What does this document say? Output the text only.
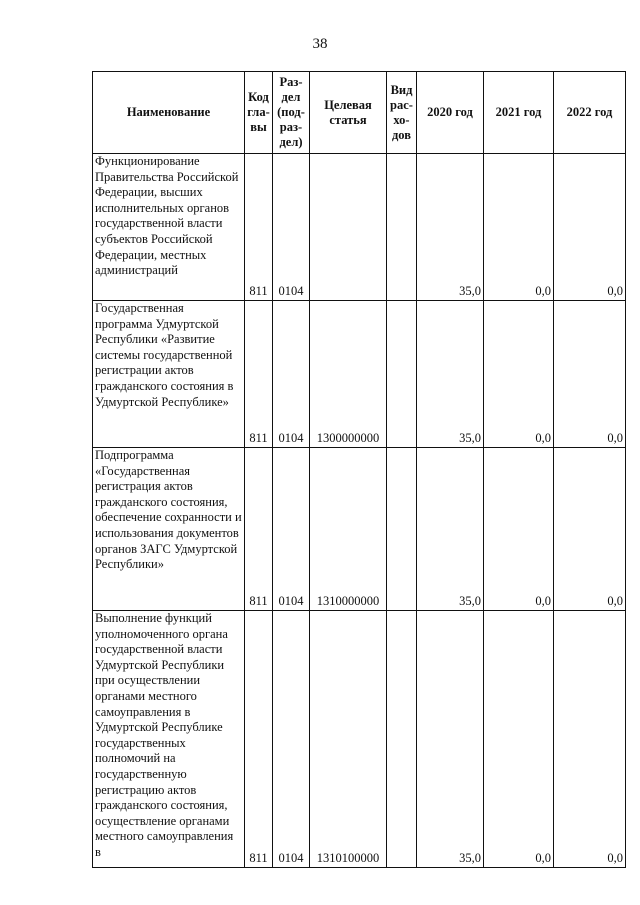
38
Наименование	Код гла-вы	Раз-дел (под-раз-дел)	Целевая статья	Вид рас-хо-дов	2020 год	2021 год	2022 год
Функционирование Правительства Российской Федерации, высших исполнительных органов государственной власти субъектов Российской Федерации, местных администраций	811	0104			35,0	0,0	0,0
Государственная программа Удмуртской Республики «Развитие системы государственной регистрации актов гражданского состояния в Удмуртской Республике»	811	0104	1300000000		35,0	0,0	0,0
Подпрограмма «Государственная регистрация актов гражданского состояния, обеспечение сохранности и использования документов органов ЗАГС Удмуртской Республики»	811	0104	1310000000		35,0	0,0	0,0
Выполнение функций уполномоченного органа государственной власти Удмуртской Республики при осуществлении органами местного самоуправления в Удмуртской Республике государственных полномочий на государственную регистрацию актов гражданского состояния, осуществление органами местного самоуправления в	811	0104	1310100000		35,0	0,0	0,0
